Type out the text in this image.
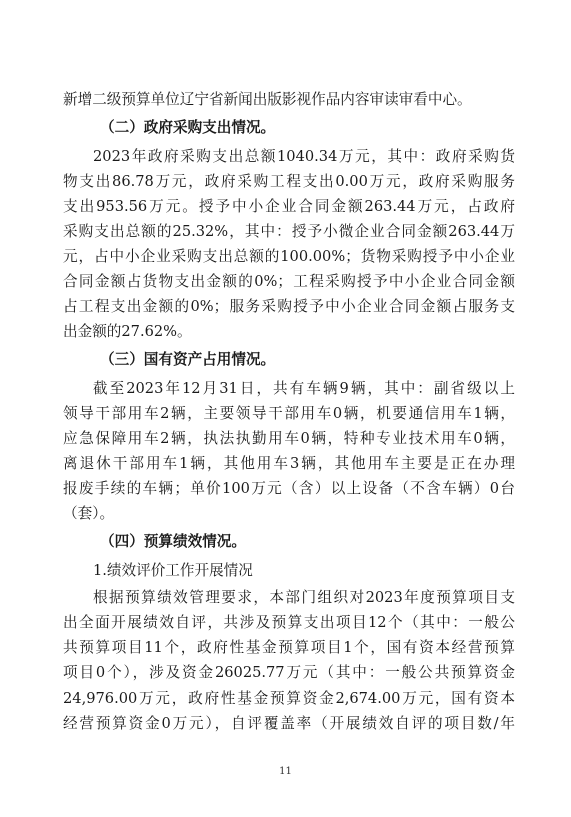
新增二级预算单位辽宁省新闻出版影视作品内容审读审看中心。
（二）政府采购支出情况。
2023年政府采购支出总额1040.34万元，其中：政府采购货
物支出86.78万元，政府采购工程支出0.00万元，政府采购服务
支出953.56万元。授予中小企业合同金额263.44万元，占政府
采购支出总额的25.32%，其中：授予小微企业合同金额263.44万
元，占中小企业采购支出总额的100.00%；货物采购授予中小企业
合同金额占货物支出金额的0%；工程采购授予中小企业合同金额
占工程支出金额的0%；服务采购授予中小企业合同金额占服务支
出金额的27.62%。
（三）国有资产占用情况。
截至2023年12月31日，共有车辆9辆，其中：副省级以上
领导干部用车2辆，主要领导干部用车0辆，机要通信用车1辆，
应急保障用车2辆，执法执勤用车0辆，特种专业技术用车0辆，
离退休干部用车1辆，其他用车3辆，其他用车主要是正在办理
报废手续的车辆；单价100万元（含）以上设备（不含车辆）0台
（套）。
（四）预算绩效情况。
1.绩效评价工作开展情况
根据预算绩效管理要求，本部门组织对2023年度预算项目支
出全面开展绩效自评，共涉及预算支出项目12个（其中：一般公
共预算项目11个，政府性基金预算项目1个，国有资本经营预算
项目0个），涉及资金26025.77万元（其中：一般公共预算资金
24,976.00万元，政府性基金预算资金2,674.00万元，国有资本
经营预算资金0万元），自评覆盖率（开展绩效自评的项目数/年
11
